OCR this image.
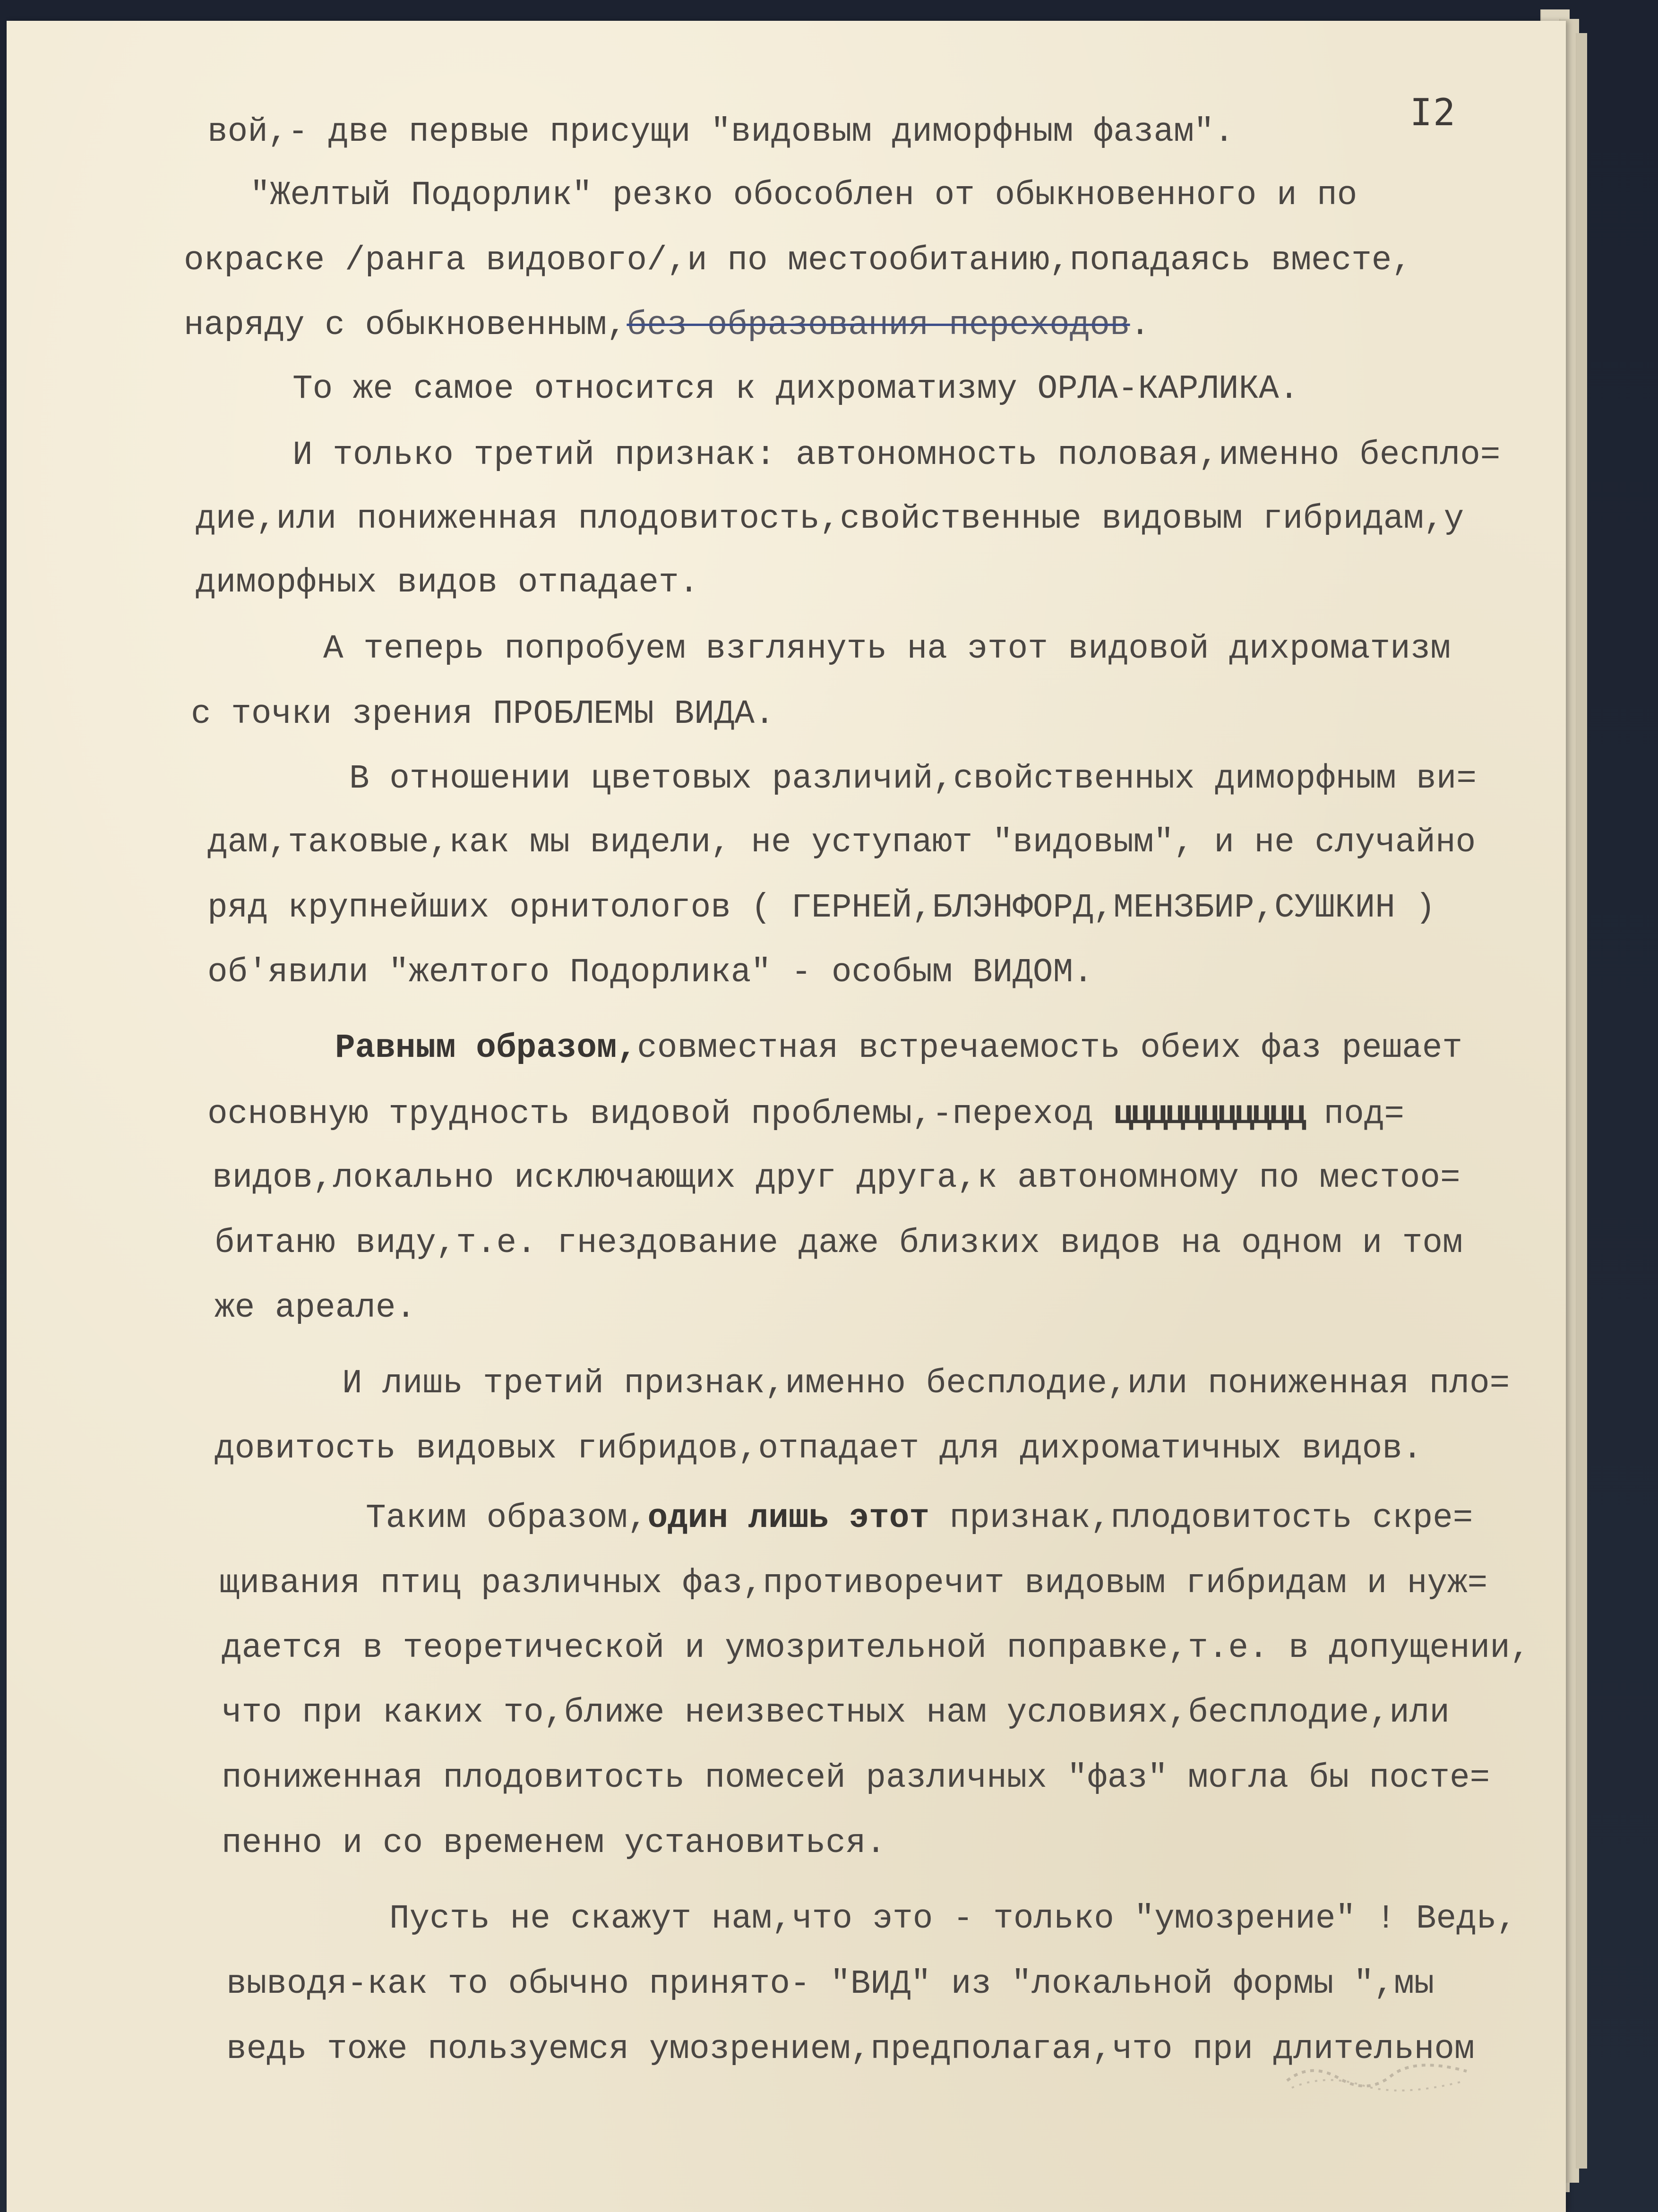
I2

вой,- две первые присущи "видовым диморфным фазам".

"Желтый Подорлик" резко обособлен от обыкновенного и по

окраске /ранга видового/,и по местообитанию,попадаясь вместе,

наряду с обыкновенным,без образования переходов.

То же самое относится к дихроматизму ОРЛА-КАРЛИКА.

И только третий признак: автономность половая,именно бесплo=

дие,или пониженная плодовитость,свойственные видовым гибридам,у

диморфных видов отпадает.

А теперь попробуем взглянуть на этот видовой дихроматизм

с точки зрения ПРОБЛЕМЫ ВИДА.

В отношении цветовых различий,свойственных диморфным ви=

дам,таковые,как мы видели, не уступают "видовым", и не случайно

ряд крупнейших орнитологов ( ГЕРНЕЙ,БЛЭНФОРД,МЕНЗБИР,СУШКИН )

об'явили "желтого Подорлика" - особым ВИДОМ.

Равным образом,совместная встречаемость обеих фаз решает

основную трудность видовой проблемы,-переход ццццццццццц под=

видов,локально исключающих друг друга,к автономному по местоо=

битаню виду,т.е. гнездование даже близких видов на одном и том

же ареале.

И лишь третий признак,именно бесплодие,или пониженная пло=

довитость видовых гибридов,отпадает для дихроматичных видов.

Таким образом,один лишь этот признак,плодовитость скре=

щивания птиц различных фаз,противоречит видовым гибридам и нуж=

дается в теоретической и умозрительной поправке,т.е. в допущении,

что при каких то,ближе неизвестных нам условиях,бесплодие,или

пониженная плодовитость помесей различных "фаз" могла бы посте=

пенно и со временем установиться.

Пусть не скажут нам,что это - только "умозрение" ! Ведь,

выводя-как то обычно принято- "ВИД" из "локальной формы ",мы

ведь тоже пользуемся умозрением,предполагая,что при длительном
